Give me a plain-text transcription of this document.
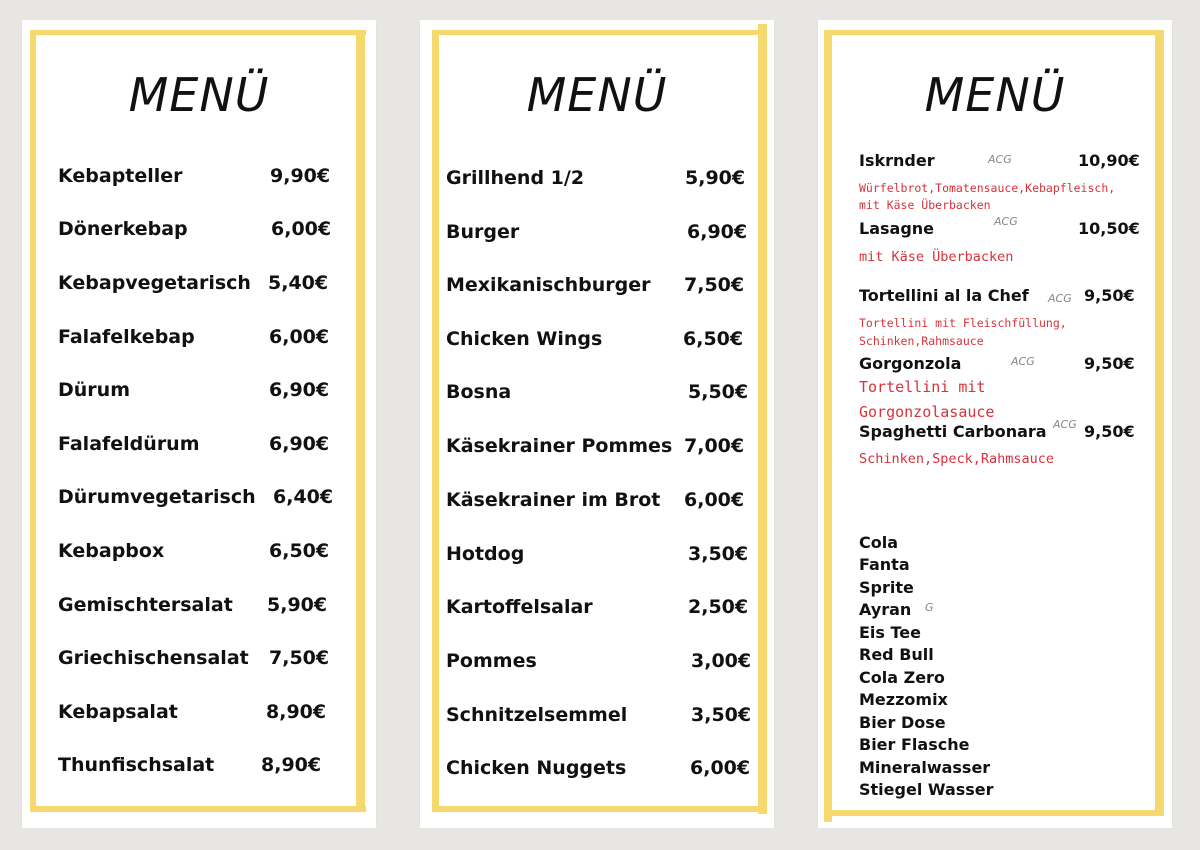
MENÜ
Kebapteller	9,90€
Dönerkebap	6,00€
Kebapvegetarisch 5,40€
Falafelkebap	6,00€
Dürum	6,90€
Falafeldürum	6,90€
Dürumvegetarisch 6,40€
Kebapbox	6,50€
Gemischtersalat 5,90€
Griechischensalat 7,50€
Kebapsalat	8,90€
Thunfischsalat 8,90€
MENÜ
Grillhend 1/2	5,90€
Burger	6,90€
Mexikanischburger 7,50€
Chicken Wings	6,50€
Bosna	5,50€
Käsekrainer Pommes 7,00€
Käsekrainer im Brot 6,00€
Hotdog	3,50€
Kartoffelsalar	2,50€
Pommes	3,00€
Schnitzelsemmel	3,50€
Chicken Nuggets	6,00€
MENÜ
Iskrnder	ACG	10,90€
Würfelbrot,Tomatensauce,Kebapfleisch,
mit Käse Überbacken
Lasagne	ACG	10,50€
mit Käse Überbacken
Tortellini al la Chef ACG 9,50€
Tortellini mit Fleischfüllung,
Schinken,Rahmsauce
Gorgonzola	ACG	9,50€
Tortellini mit
Gorgonzolasauce
Spaghetti Carbonara ACG 9,50€
Schinken,Speck,Rahmsauce
Cola
Fanta
Sprite
Ayran G
Eis Tee
Red Bull
Cola Zero
Mezzomix
Bier Dose
Bier Flasche
Mineralwasser
Stiegel Wasser
